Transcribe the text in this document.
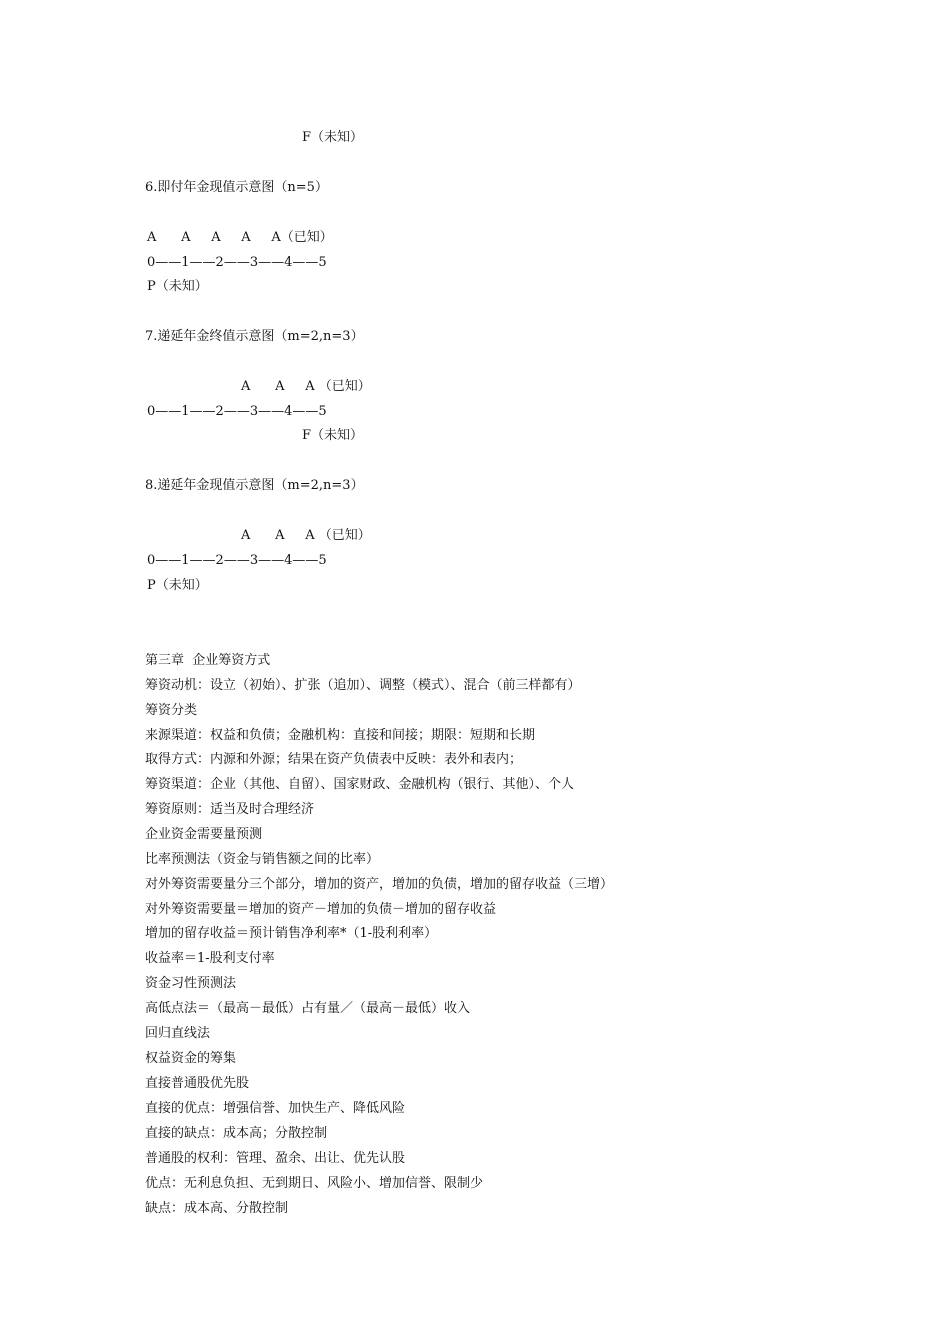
F（未知）
6.即付年金现值示意图（n=5）
A      A     A     A     A（已知）
0——1——2——3——4——5
P（未知）
7.递延年金终值示意图（m=2,n=3）
A      A     A （已知）
0——1——2——3——4——5
F（未知）
8.递延年金现值示意图（m=2,n=3）
A      A     A （已知）
0——1——2——3——4——5
P（未知）
第三章  企业筹资方式
筹资动机：设立（初始）、扩张（追加）、调整（模式）、混合（前三样都有）
筹资分类
来源渠道：权益和负债；金融机构：直接和间接；期限：短期和长期
取得方式：内源和外源；结果在资产负债表中反映：表外和表内；
筹资渠道：企业（其他、自留）、国家财政、金融机构（银行、其他）、个人
筹资原则：适当及时合理经济
企业资金需要量预测
比率预测法（资金与销售额之间的比率）
对外筹资需要量分三个部分，增加的资产，增加的负债，增加的留存收益（三增）
对外筹资需要量＝增加的资产－增加的负债－增加的留存收益
增加的留存收益＝预计销售净利率*（1-股利利率）
收益率＝1-股利支付率
资金习性预测法
高低点法＝（最高－最低）占有量／（最高－最低）收入
回归直线法
权益资金的筹集
直接普通股优先股
直接的优点：增强信誉、加快生产、降低风险
直接的缺点：成本高；分散控制
普通股的权利：管理、盈余、出让、优先认股
优点：无利息负担、无到期日、风险小、增加信誉、限制少
缺点：成本高、分散控制
